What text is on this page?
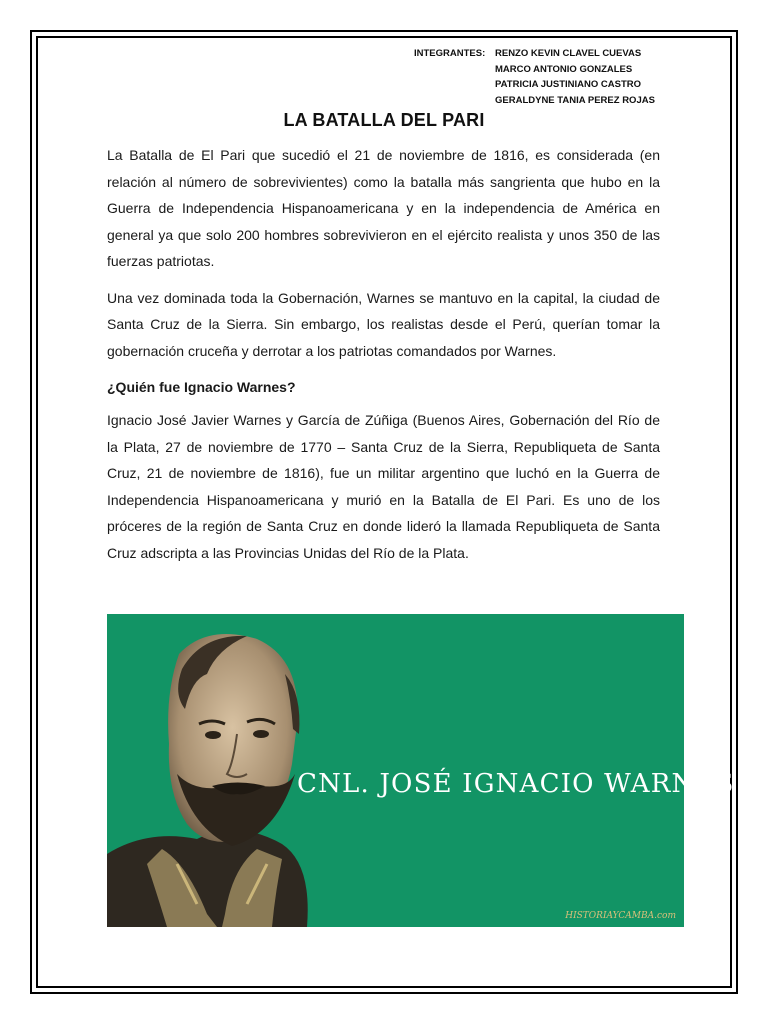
INTEGRANTES:	RENZO KEVIN CLAVEL CUEVAS
MARCO ANTONIO GONZALES
PATRICIA JUSTINIANO CASTRO
GERALDYNE TANIA PEREZ ROJAS
LA BATALLA DEL PARI

La Batalla de El Pari que sucedió el 21 de noviembre de 1816, es considerada (en relación al número de sobrevivientes) como la batalla más sangrienta que hubo en la Guerra de Independencia Hispanoamericana y en la independencia de América en general ya que solo 200 hombres sobrevivieron en el ejército realista y unos 350 de las fuerzas patriotas.

Una vez dominada toda la Gobernación, Warnes se mantuvo en la capital, la ciudad de Santa Cruz de la Sierra. Sin embargo, los realistas desde el Perú, querían tomar la gobernación cruceña y derrotar a los patriotas comandados por Warnes.

¿Quién fue Ignacio Warnes?

Ignacio José Javier Warnes y García de Zúñiga (Buenos Aires, Gobernación del Río de la Plata, 27 de noviembre de 1770 – Santa Cruz de la Sierra, Republiqueta de Santa Cruz, 21 de noviembre de 1816), fue un militar argentino que luchó en la Guerra de Independencia Hispanoamericana y murió en la Batalla de El Pari. Es uno de los próceres de la región de Santa Cruz en donde lideró la llamada Republiqueta de Santa Cruz adscripta a las Provincias Unidas del Río de la Plata.

CNL. JOSÉ IGNACIO WARNES
HISTORIAYCAMBA.com
